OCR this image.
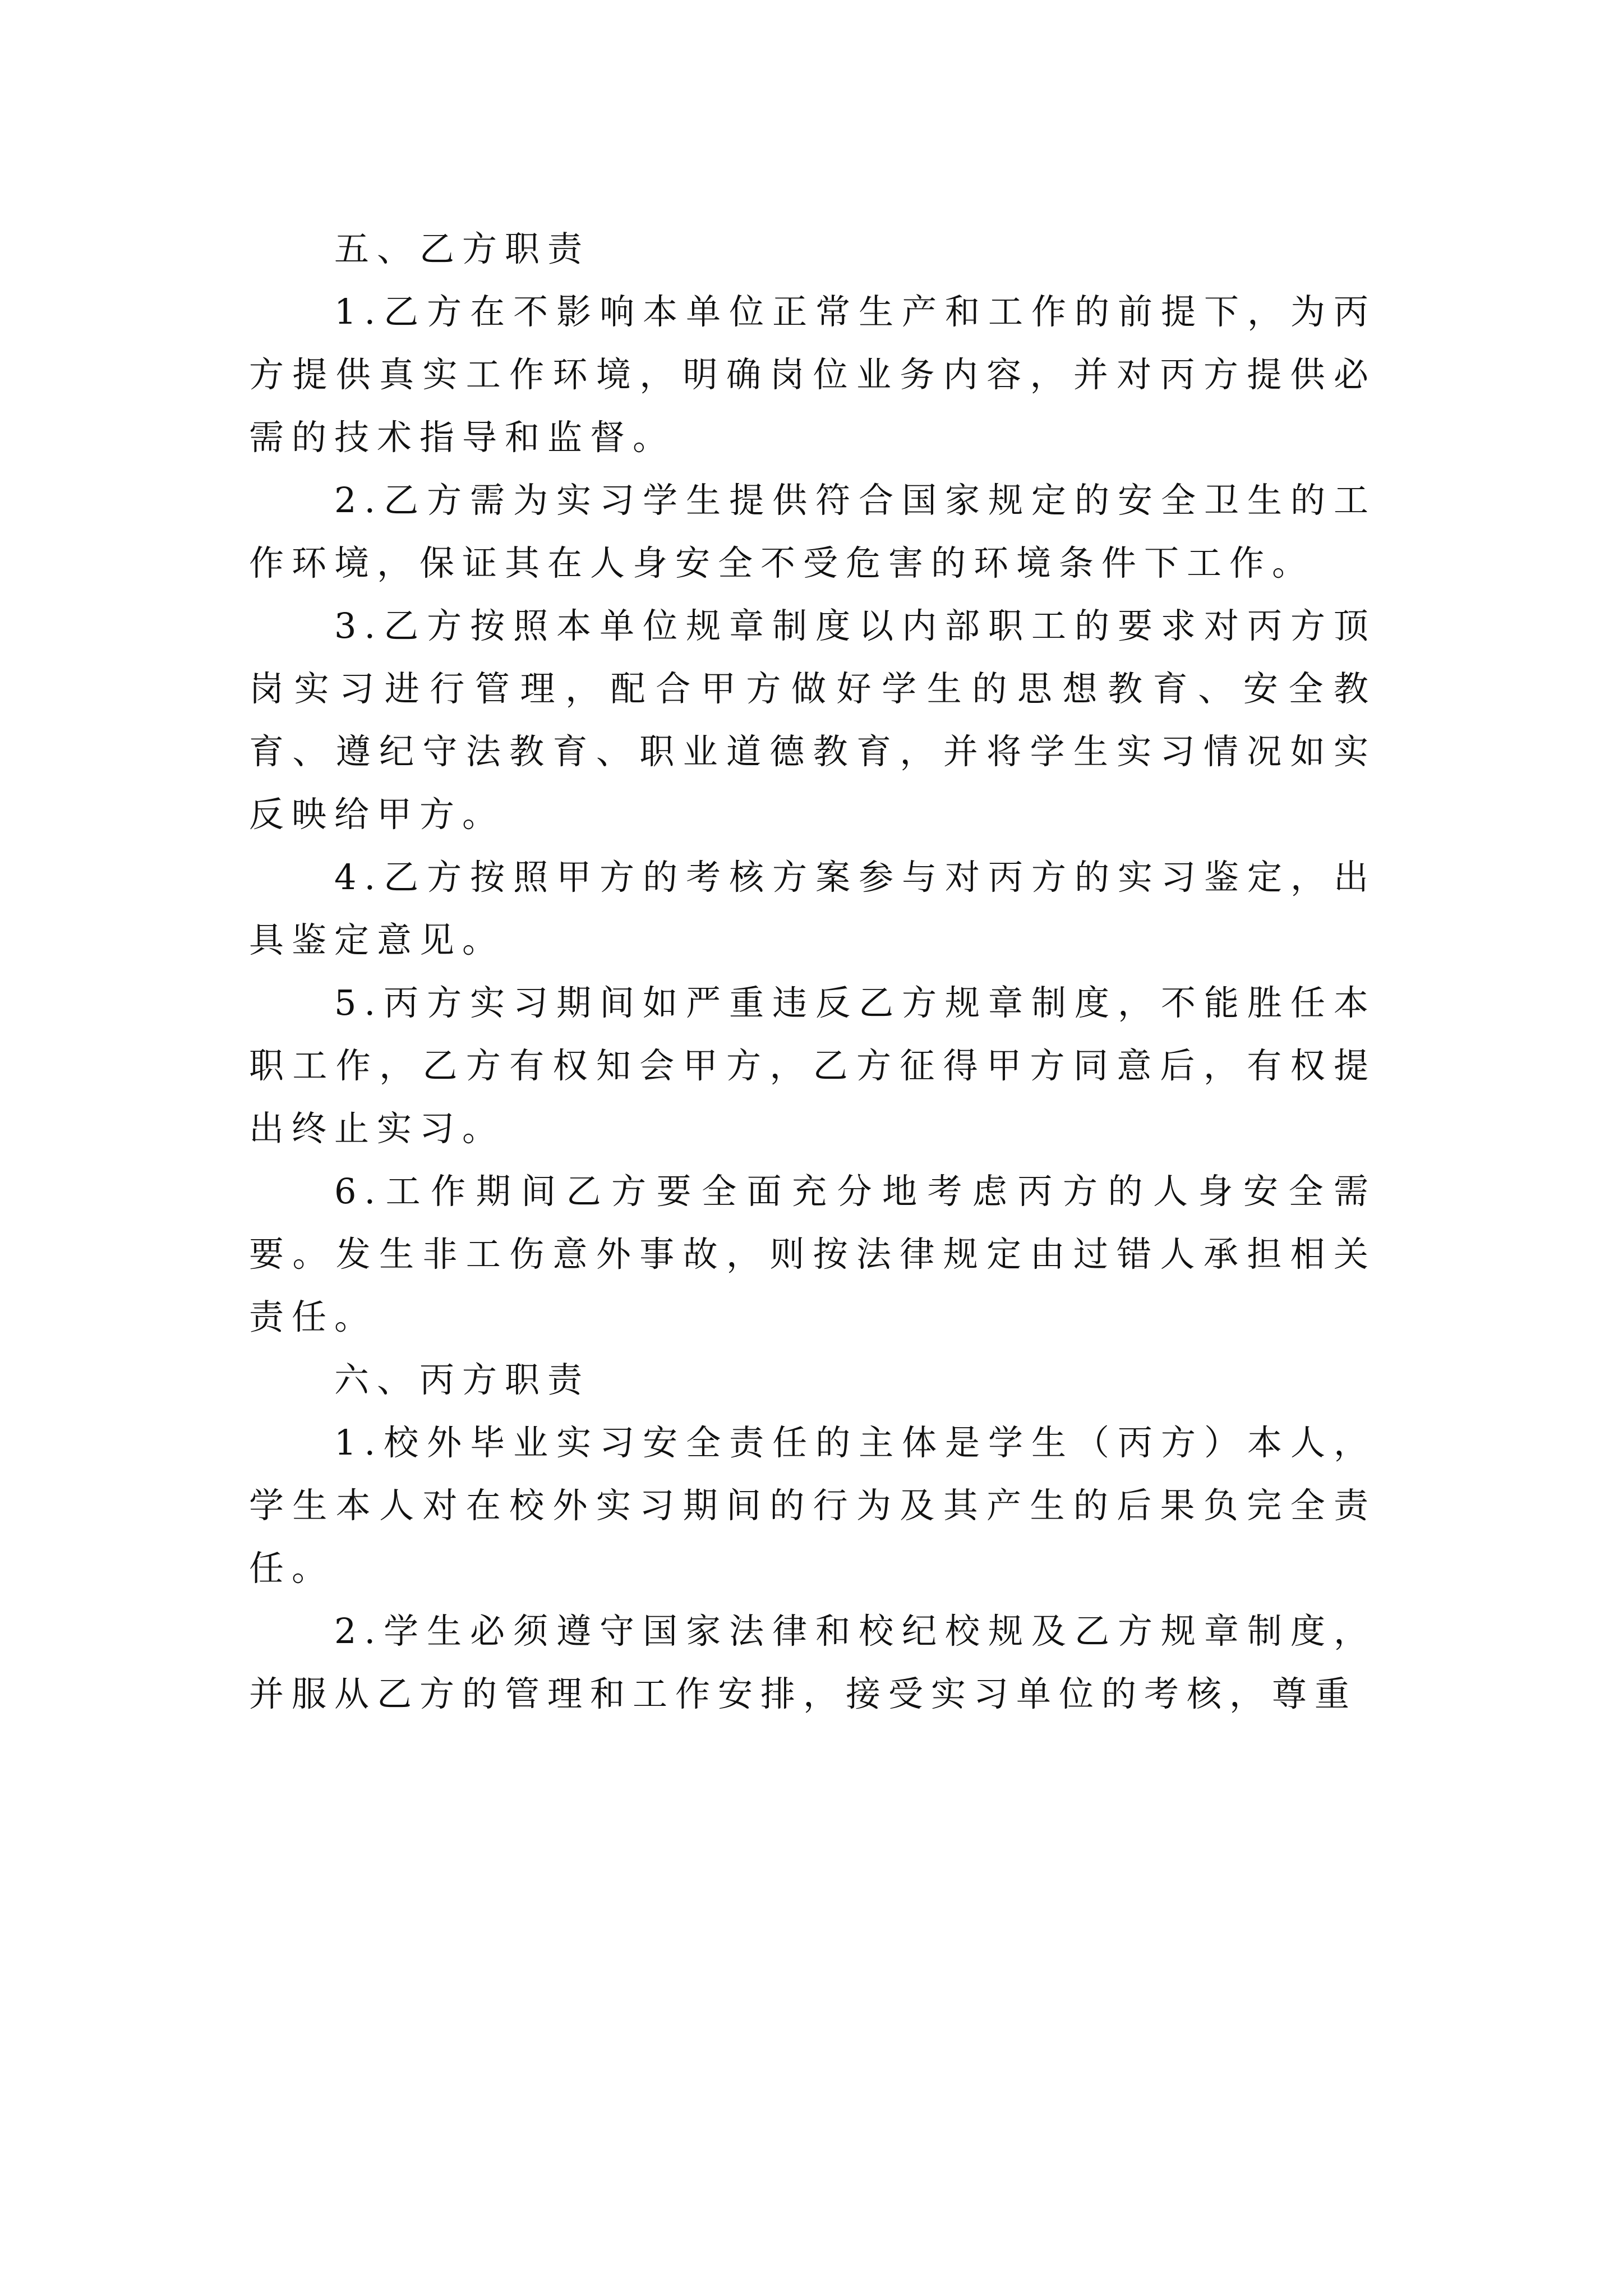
五、乙方职责

1.乙方在不影响本单位正常生产和工作的前提下，为丙方提供真实工作环境，明确岗位业务内容，并对丙方提供必需的技术指导和监督。

2.乙方需为实习学生提供符合国家规定的安全卫生的工作环境，保证其在人身安全不受危害的环境条件下工作。

3.乙方按照本单位规章制度以内部职工的要求对丙方顶岗实习进行管理，配合甲方做好学生的思想教育、安全教育、遵纪守法教育、职业道德教育，并将学生实习情况如实反映给甲方。

4.乙方按照甲方的考核方案参与对丙方的实习鉴定，出具鉴定意见。

5.丙方实习期间如严重违反乙方规章制度，不能胜任本职工作，乙方有权知会甲方，乙方征得甲方同意后，有权提出终止实习。

6.工作期间乙方要全面充分地考虑丙方的人身安全需要。发生非工伤意外事故，则按法律规定由过错人承担相关责任。

六、丙方职责

1.校外毕业实习安全责任的主体是学生（丙方）本人，学生本人对在校外实习期间的行为及其产生的后果负完全责任。

2.学生必须遵守国家法律和校纪校规及乙方规章制度，并服从乙方的管理和工作安排，接受实习单位的考核，尊重
